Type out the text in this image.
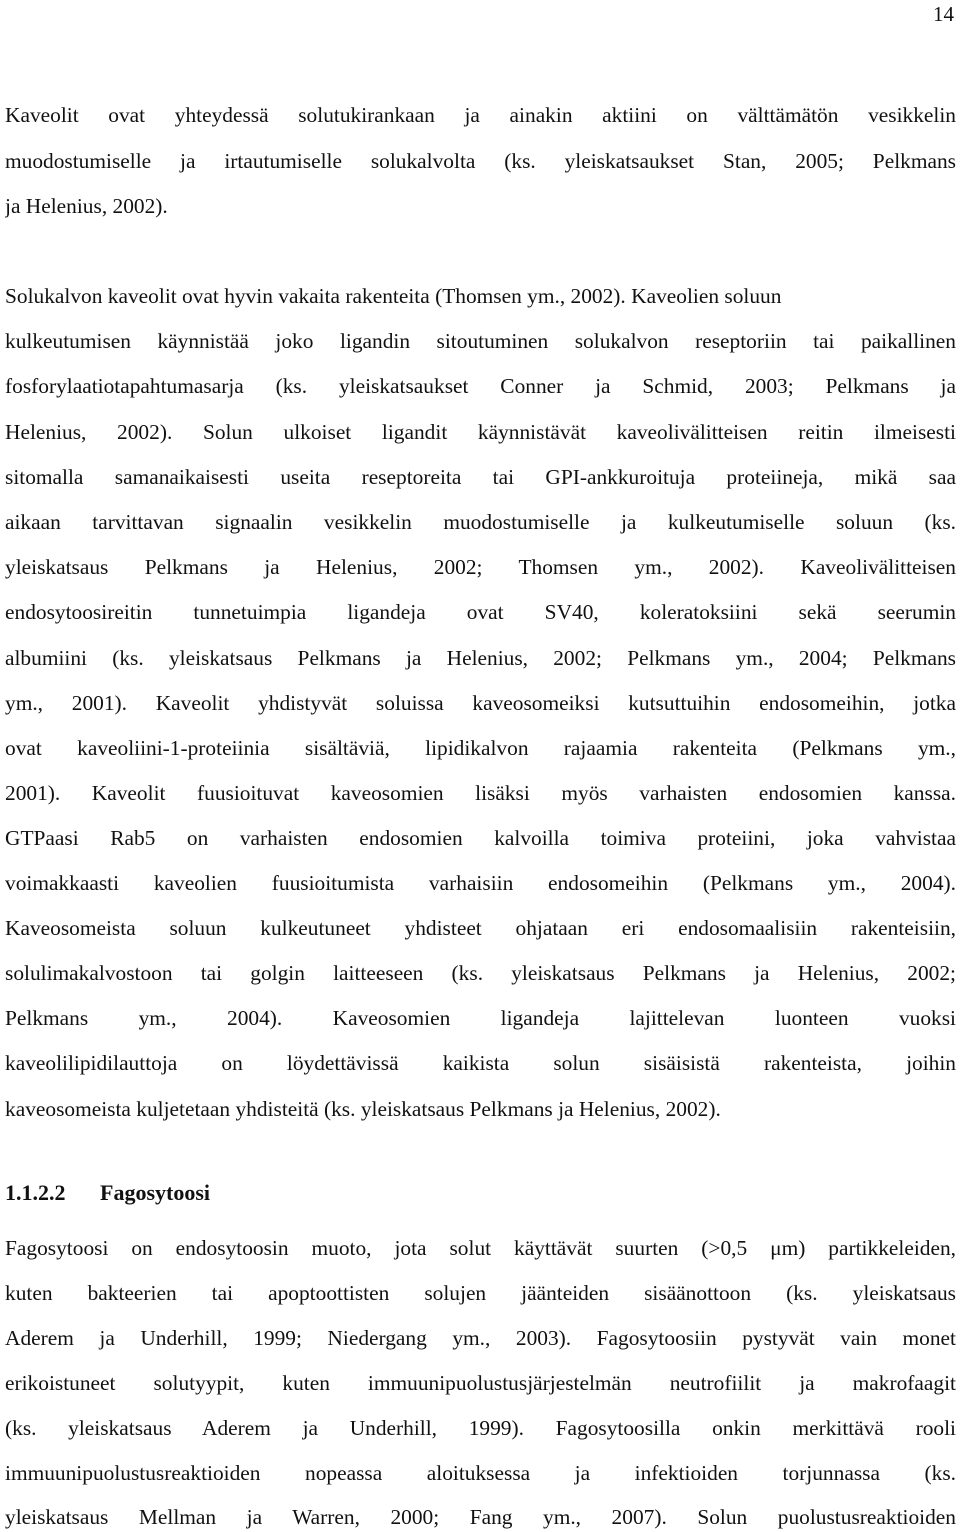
14
Kaveolit ovat yhteydessä solutukirankaan ja ainakin aktiini on välttämätön vesikkelin
muodostumiselle ja irtautumiselle solukalvolta (ks. yleiskatsaukset Stan, 2005; Pelkmans
ja Helenius, 2002).
Solukalvon kaveolit ovat hyvin vakaita rakenteita (Thomsen ym., 2002). Kaveolien soluun
kulkeutumisen käynnistää joko ligandin sitoutuminen solukalvon reseptoriin tai paikallinen
fosforylaatiotapahtumasarja (ks. yleiskatsaukset Conner ja Schmid, 2003; Pelkmans ja
Helenius, 2002). Solun ulkoiset ligandit käynnistävät kaveolivälitteisen reitin ilmeisesti
sitomalla samanaikaisesti useita reseptoreita tai GPI-ankkuroituja proteiineja, mikä saa
aikaan tarvittavan signaalin vesikkelin muodostumiselle ja kulkeutumiselle soluun (ks.
yleiskatsaus Pelkmans ja Helenius, 2002; Thomsen ym., 2002). Kaveolivälitteisen
endosytoosireitin tunnetuimpia ligandeja ovat SV40, koleratoksiini sekä seerumin
albumiini (ks. yleiskatsaus Pelkmans ja Helenius, 2002; Pelkmans ym., 2004; Pelkmans
ym., 2001). Kaveolit yhdistyvät soluissa kaveosomeiksi kutsuttuihin endosomeihin, jotka
ovat kaveoliini-1-proteiinia sisältäviä, lipidikalvon rajaamia rakenteita (Pelkmans ym.,
2001). Kaveolit fuusioituvat kaveosomien lisäksi myös varhaisten endosomien kanssa.
GTPaasi Rab5 on varhaisten endosomien kalvoilla toimiva proteiini, joka vahvistaa
voimakkaasti kaveolien fuusioitumista varhaisiin endosomeihin (Pelkmans ym., 2004).
Kaveosomeista soluun kulkeutuneet yhdisteet ohjataan eri endosomaalisiin rakenteisiin,
solulimakalvostoon tai golgin laitteeseen (ks. yleiskatsaus Pelkmans ja Helenius, 2002;
Pelkmans ym., 2004). Kaveosomien ligandeja lajittelevan luonteen vuoksi
kaveolilipidilauttoja on löydettävissä kaikista solun sisäisistä rakenteista, joihin
kaveosomeista kuljetetaan yhdisteitä (ks. yleiskatsaus Pelkmans ja Helenius, 2002).
1.1.2.2 Fagosytoosi
Fagosytoosi on endosytoosin muoto, jota solut käyttävät suurten (>0,5 μm) partikkeleiden,
kuten bakteerien tai apoptoottisten solujen jäänteiden sisäänottoon (ks. yleiskatsaus
Aderem ja Underhill, 1999; Niedergang ym., 2003). Fagosytoosiin pystyvät vain monet
erikoistuneet solutyypit, kuten immuunipuolustusjärjestelmän neutrofiilit ja makrofaagit
(ks. yleiskatsaus Aderem ja Underhill, 1999). Fagosytoosilla onkin merkittävä rooli
immuunipuolustusreaktioiden nopeassa aloituksessa ja infektioiden torjunnassa (ks.
yleiskatsaus Mellman ja Warren, 2000; Fang ym., 2007). Solun puolustusreaktioiden
